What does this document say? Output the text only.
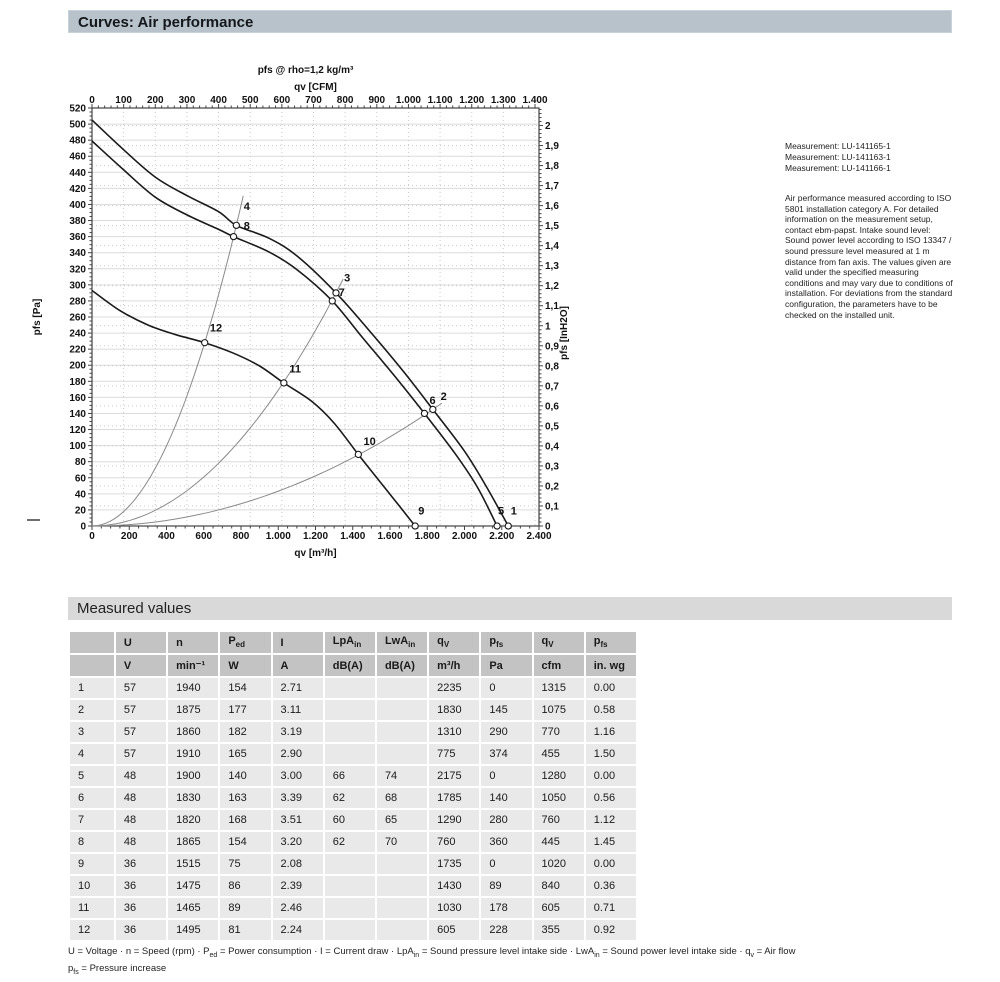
Curves: Air performance
pfs @ rho=1,2 kg/m³
qv [CFM]
0	200 400 600 800 1.000 1.200 1.400 1.600 1.800 2.000 2.200 2.400
0 100 200 300 400 500 600 700 800 900 1.000 1.100 1.200 1.300 1.400
0
20
40
60
80
100
120
140
160
180
200
220
240
260
280
300
320
340
360
380
400
420
440
460
480
500
520
0
0,1
0,2
0,3
0,4
0,5
0,6
0,7
0,8
0,9
1
1,1
1,2
1,3
1,4
1,5
1,6
1,7
1,8
1,9
2
qv [m³/h]
pfs [Pa]	pfs [InH2O]
1
2
3
4
5
6
7
8
9
10
11
12
Measurement: LU-141165-1
Measurement: LU-141163-1
Measurement: LU-141166-1
Air performance measured according to ISO 5801 installation category A. For detailed information on the measurement setup, contact ebm-papst. Intake sound level: Sound power level according to ISO 13347 / sound pressure level measured at 1 m distance from fan axis. The values given are valid under the specified measuring conditions and may vary due to conditions of installation. For deviations from the standard configuration, the parameters have to be checked on the installed unit.
Measured values
	U	n	$P_{ed}$	I	LpA$_{in}$	LwA$_{in}$	$q_V$	$p_{fs}$	$q_V$	$p_{fs}$
	V	min⁻¹	W	A	dB(A)	dB(A)	m³/h	Pa	cfm	in. wg
1	57	1940	154	2.71			2235	0	1315	0.00
2	57	1875	177	3.11			1830	145	1075	0.58
3	57	1860	182	3.19			1310	290	770	1.16
4	57	1910	165	2.90			775	374	455	1.50
5	48	1900	140	3.00	66	74	2175	0	1280	0.00
6	48	1830	163	3.39	62	68	1785	140	1050	0.56
7	48	1820	168	3.51	60	65	1290	280	760	1.12
8	48	1865	154	3.20	62	70	760	360	445	1.45
9	36	1515	75	2.08			1735	0	1020	0.00
10	36	1475	86	2.39			1430	89	840	0.36
11	36	1465	89	2.46			1030	178	605	0.71
12	36	1495	81	2.24			605	228	355	0.92
U = Voltage · n = Speed $(rpm) \cdot P_{ed}$ = Power consumption · I = Current draw · LpA$_{in}$ = Sound pressure level intake side · LwA$_{in}$ = Sound power level intake side · $q_v$ = Air flow
$p_{fs}$ = Pressure increase
